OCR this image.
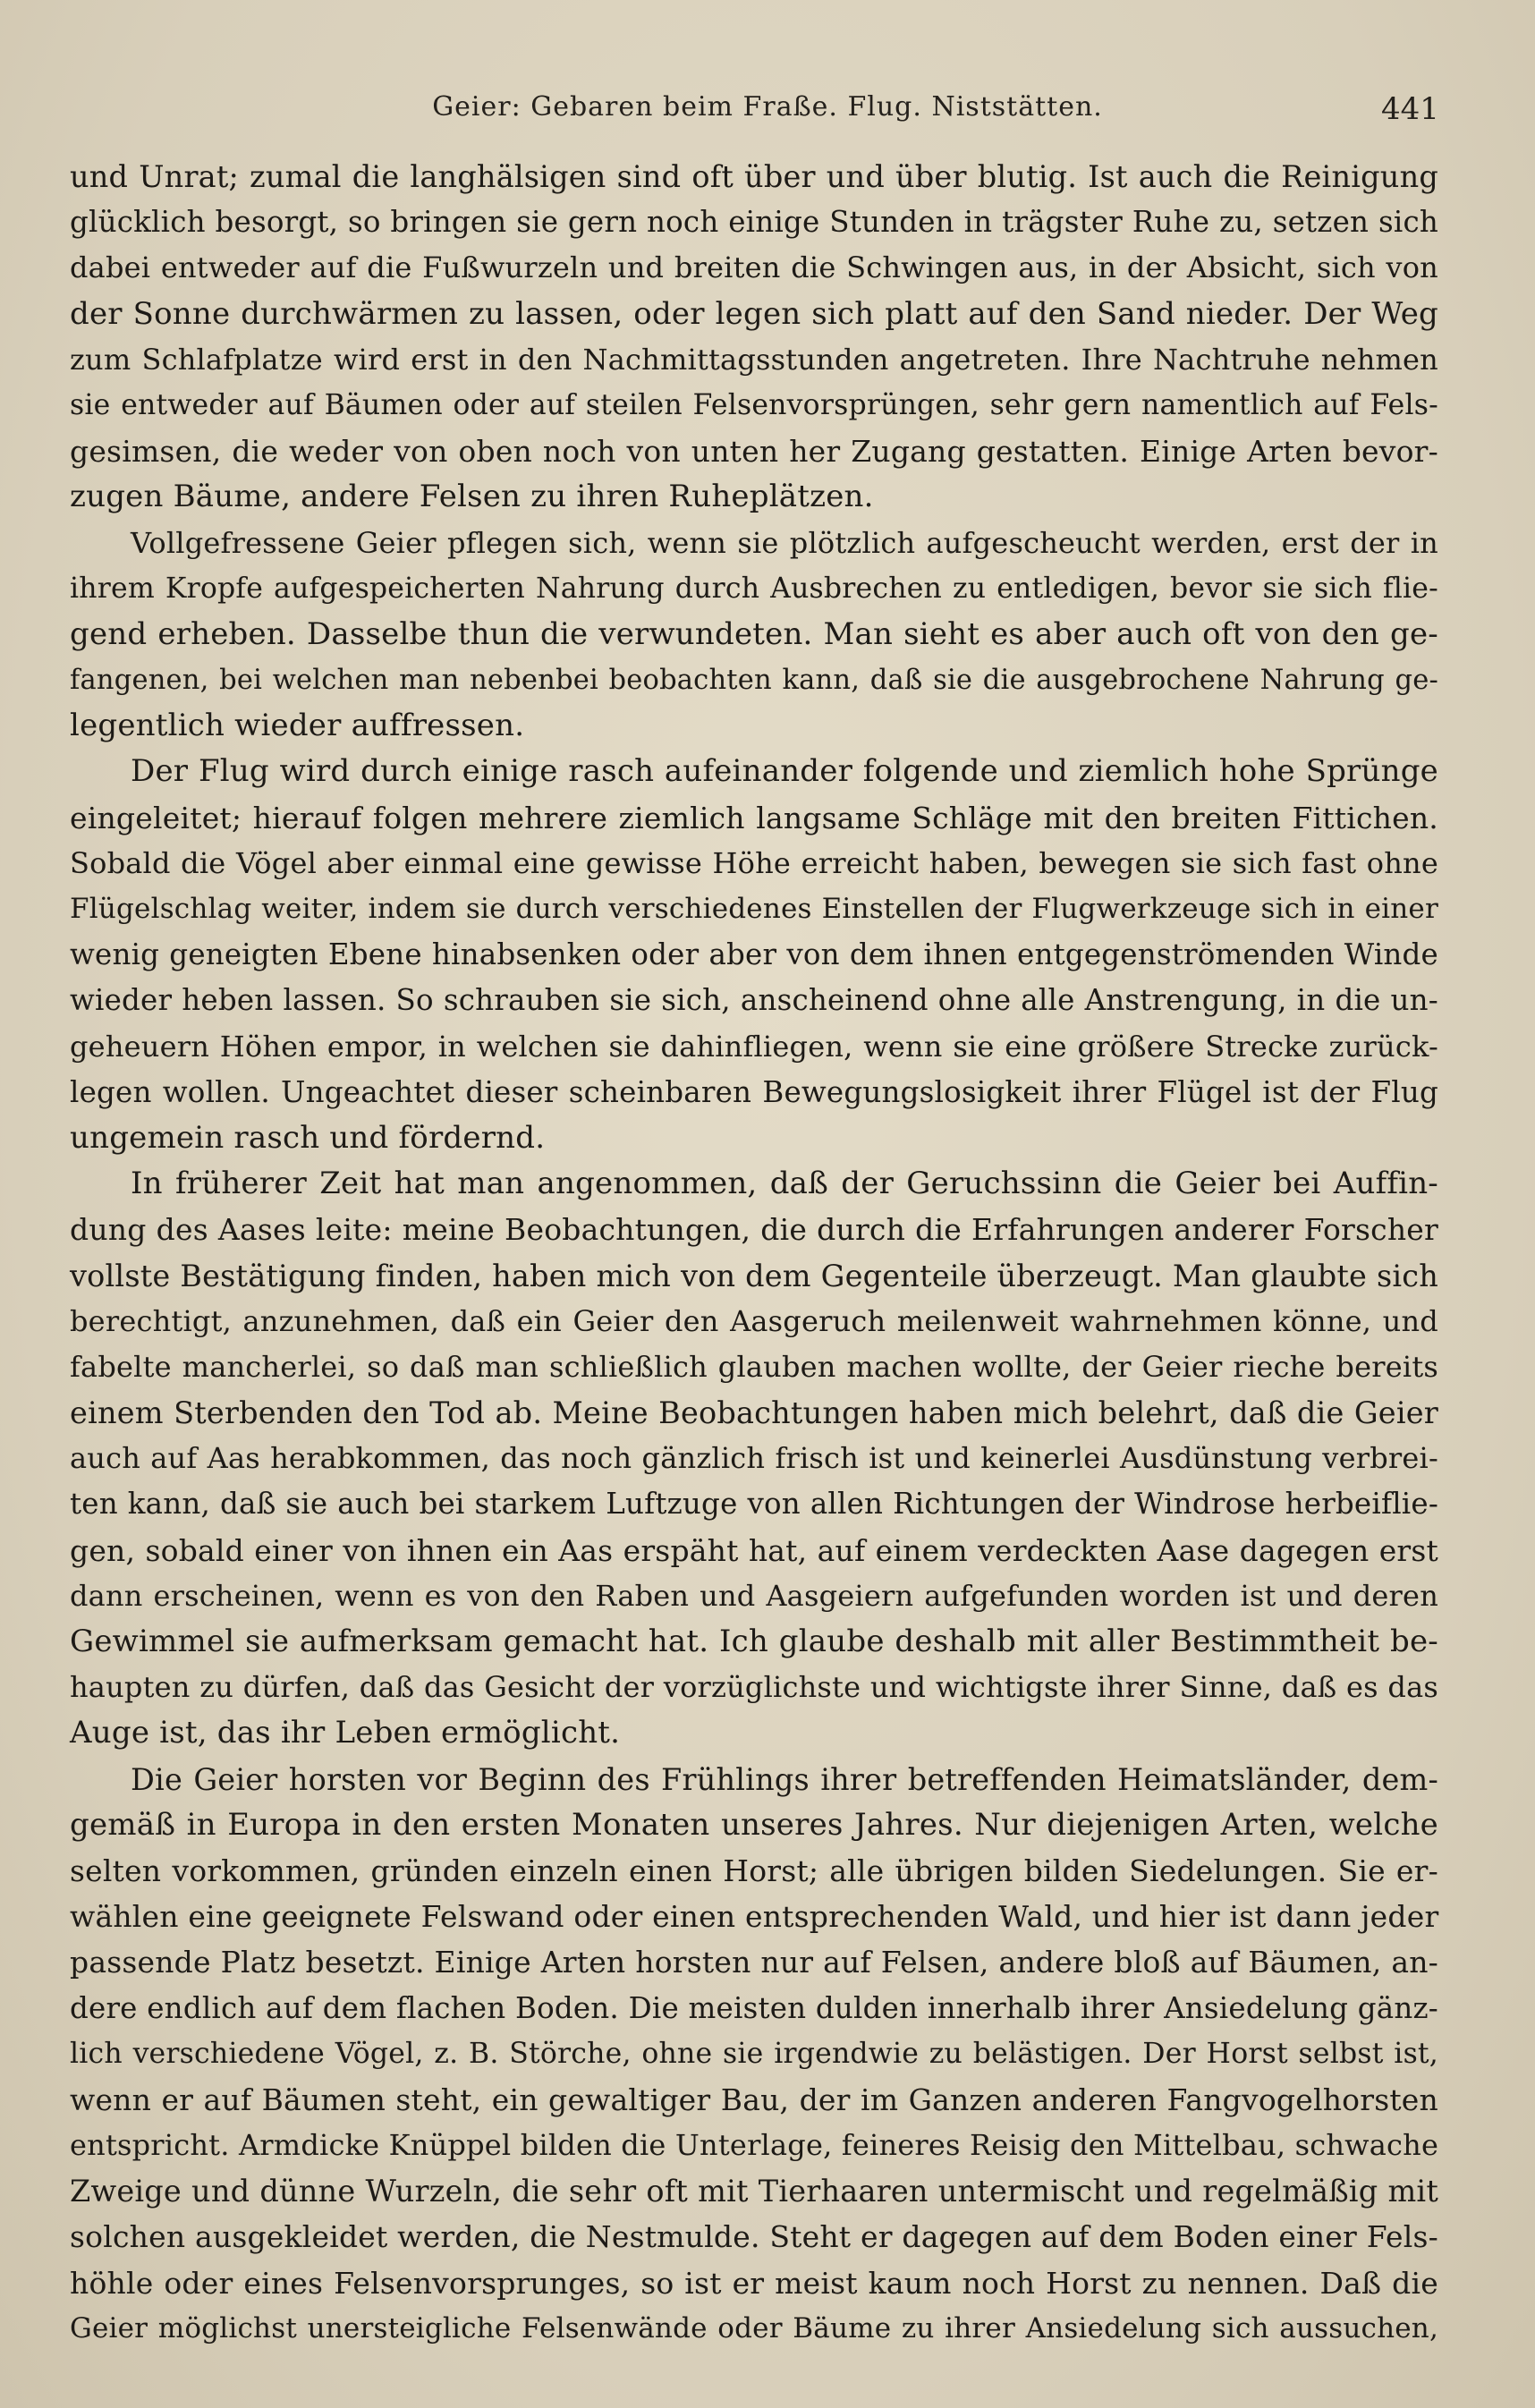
Geier: Gebaren beim Fraße. Flug. Niststätten.	441
und Unrat; zumal die langhälsigen sind oft über und über blutig. Ist auch die Reinigung
glücklich besorgt, so bringen sie gern noch einige Stunden in trägster Ruhe zu, setzen sich
dabei entweder auf die Fußwurzeln und breiten die Schwingen aus, in der Absicht, sich von
der Sonne durchwärmen zu lassen, oder legen sich platt auf den Sand nieder. Der Weg
zum Schlafplatze wird erst in den Nachmittagsstunden angetreten. Ihre Nachtruhe nehmen
sie entweder auf Bäumen oder auf steilen Felsenvorsprüngen, sehr gern namentlich auf Fels-
gesimsen, die weder von oben noch von unten her Zugang gestatten. Einige Arten bevor-
zugen Bäume, andere Felsen zu ihren Ruheplätzen.
Vollgefressene Geier pflegen sich, wenn sie plötzlich aufgescheucht werden, erst der in
ihrem Kropfe aufgespeicherten Nahrung durch Ausbrechen zu entledigen, bevor sie sich flie-
gend erheben. Dasselbe thun die verwundeten. Man sieht es aber auch oft von den ge-
fangenen, bei welchen man nebenbei beobachten kann, daß sie die ausgebrochene Nahrung ge-
legentlich wieder auffressen.
Der Flug wird durch einige rasch aufeinander folgende und ziemlich hohe Sprünge
eingeleitet; hierauf folgen mehrere ziemlich langsame Schläge mit den breiten Fittichen.
Sobald die Vögel aber einmal eine gewisse Höhe erreicht haben, bewegen sie sich fast ohne
Flügelschlag weiter, indem sie durch verschiedenes Einstellen der Flugwerkzeuge sich in einer
wenig geneigten Ebene hinabsenken oder aber von dem ihnen entgegenströmenden Winde
wieder heben lassen. So schrauben sie sich, anscheinend ohne alle Anstrengung, in die un-
geheuern Höhen empor, in welchen sie dahinfliegen, wenn sie eine größere Strecke zurück-
legen wollen. Ungeachtet dieser scheinbaren Bewegungslosigkeit ihrer Flügel ist der Flug
ungemein rasch und fördernd.
In früherer Zeit hat man angenommen, daß der Geruchssinn die Geier bei Auffin-
dung des Aases leite: meine Beobachtungen, die durch die Erfahrungen anderer Forscher
vollste Bestätigung finden, haben mich von dem Gegenteile überzeugt. Man glaubte sich
berechtigt, anzunehmen, daß ein Geier den Aasgeruch meilenweit wahrnehmen könne, und
fabelte mancherlei, so daß man schließlich glauben machen wollte, der Geier rieche bereits
einem Sterbenden den Tod ab. Meine Beobachtungen haben mich belehrt, daß die Geier
auch auf Aas herabkommen, das noch gänzlich frisch ist und keinerlei Ausdünstung verbrei-
ten kann, daß sie auch bei starkem Luftzuge von allen Richtungen der Windrose herbeiflie-
gen, sobald einer von ihnen ein Aas erspäht hat, auf einem verdeckten Aase dagegen erst
dann erscheinen, wenn es von den Raben und Aasgeiern aufgefunden worden ist und deren
Gewimmel sie aufmerksam gemacht hat. Ich glaube deshalb mit aller Bestimmtheit be-
haupten zu dürfen, daß das Gesicht der vorzüglichste und wichtigste ihrer Sinne, daß es das
Auge ist, das ihr Leben ermöglicht.
Die Geier horsten vor Beginn des Frühlings ihrer betreffenden Heimatsländer, dem-
gemäß in Europa in den ersten Monaten unseres Jahres. Nur diejenigen Arten, welche
selten vorkommen, gründen einzeln einen Horst; alle übrigen bilden Siedelungen. Sie er-
wählen eine geeignete Felswand oder einen entsprechenden Wald, und hier ist dann jeder
passende Platz besetzt. Einige Arten horsten nur auf Felsen, andere bloß auf Bäumen, an-
dere endlich auf dem flachen Boden. Die meisten dulden innerhalb ihrer Ansiedelung gänz-
lich verschiedene Vögel, z. B. Störche, ohne sie irgendwie zu belästigen. Der Horst selbst ist,
wenn er auf Bäumen steht, ein gewaltiger Bau, der im Ganzen anderen Fangvogelhorsten
entspricht. Armdicke Knüppel bilden die Unterlage, feineres Reisig den Mittelbau, schwache
Zweige und dünne Wurzeln, die sehr oft mit Tierhaaren untermischt und regelmäßig mit
solchen ausgekleidet werden, die Nestmulde. Steht er dagegen auf dem Boden einer Fels-
höhle oder eines Felsenvorsprunges, so ist er meist kaum noch Horst zu nennen. Daß die
Geier möglichst unersteigliche Felsenwände oder Bäume zu ihrer Ansiedelung sich aussuchen,
